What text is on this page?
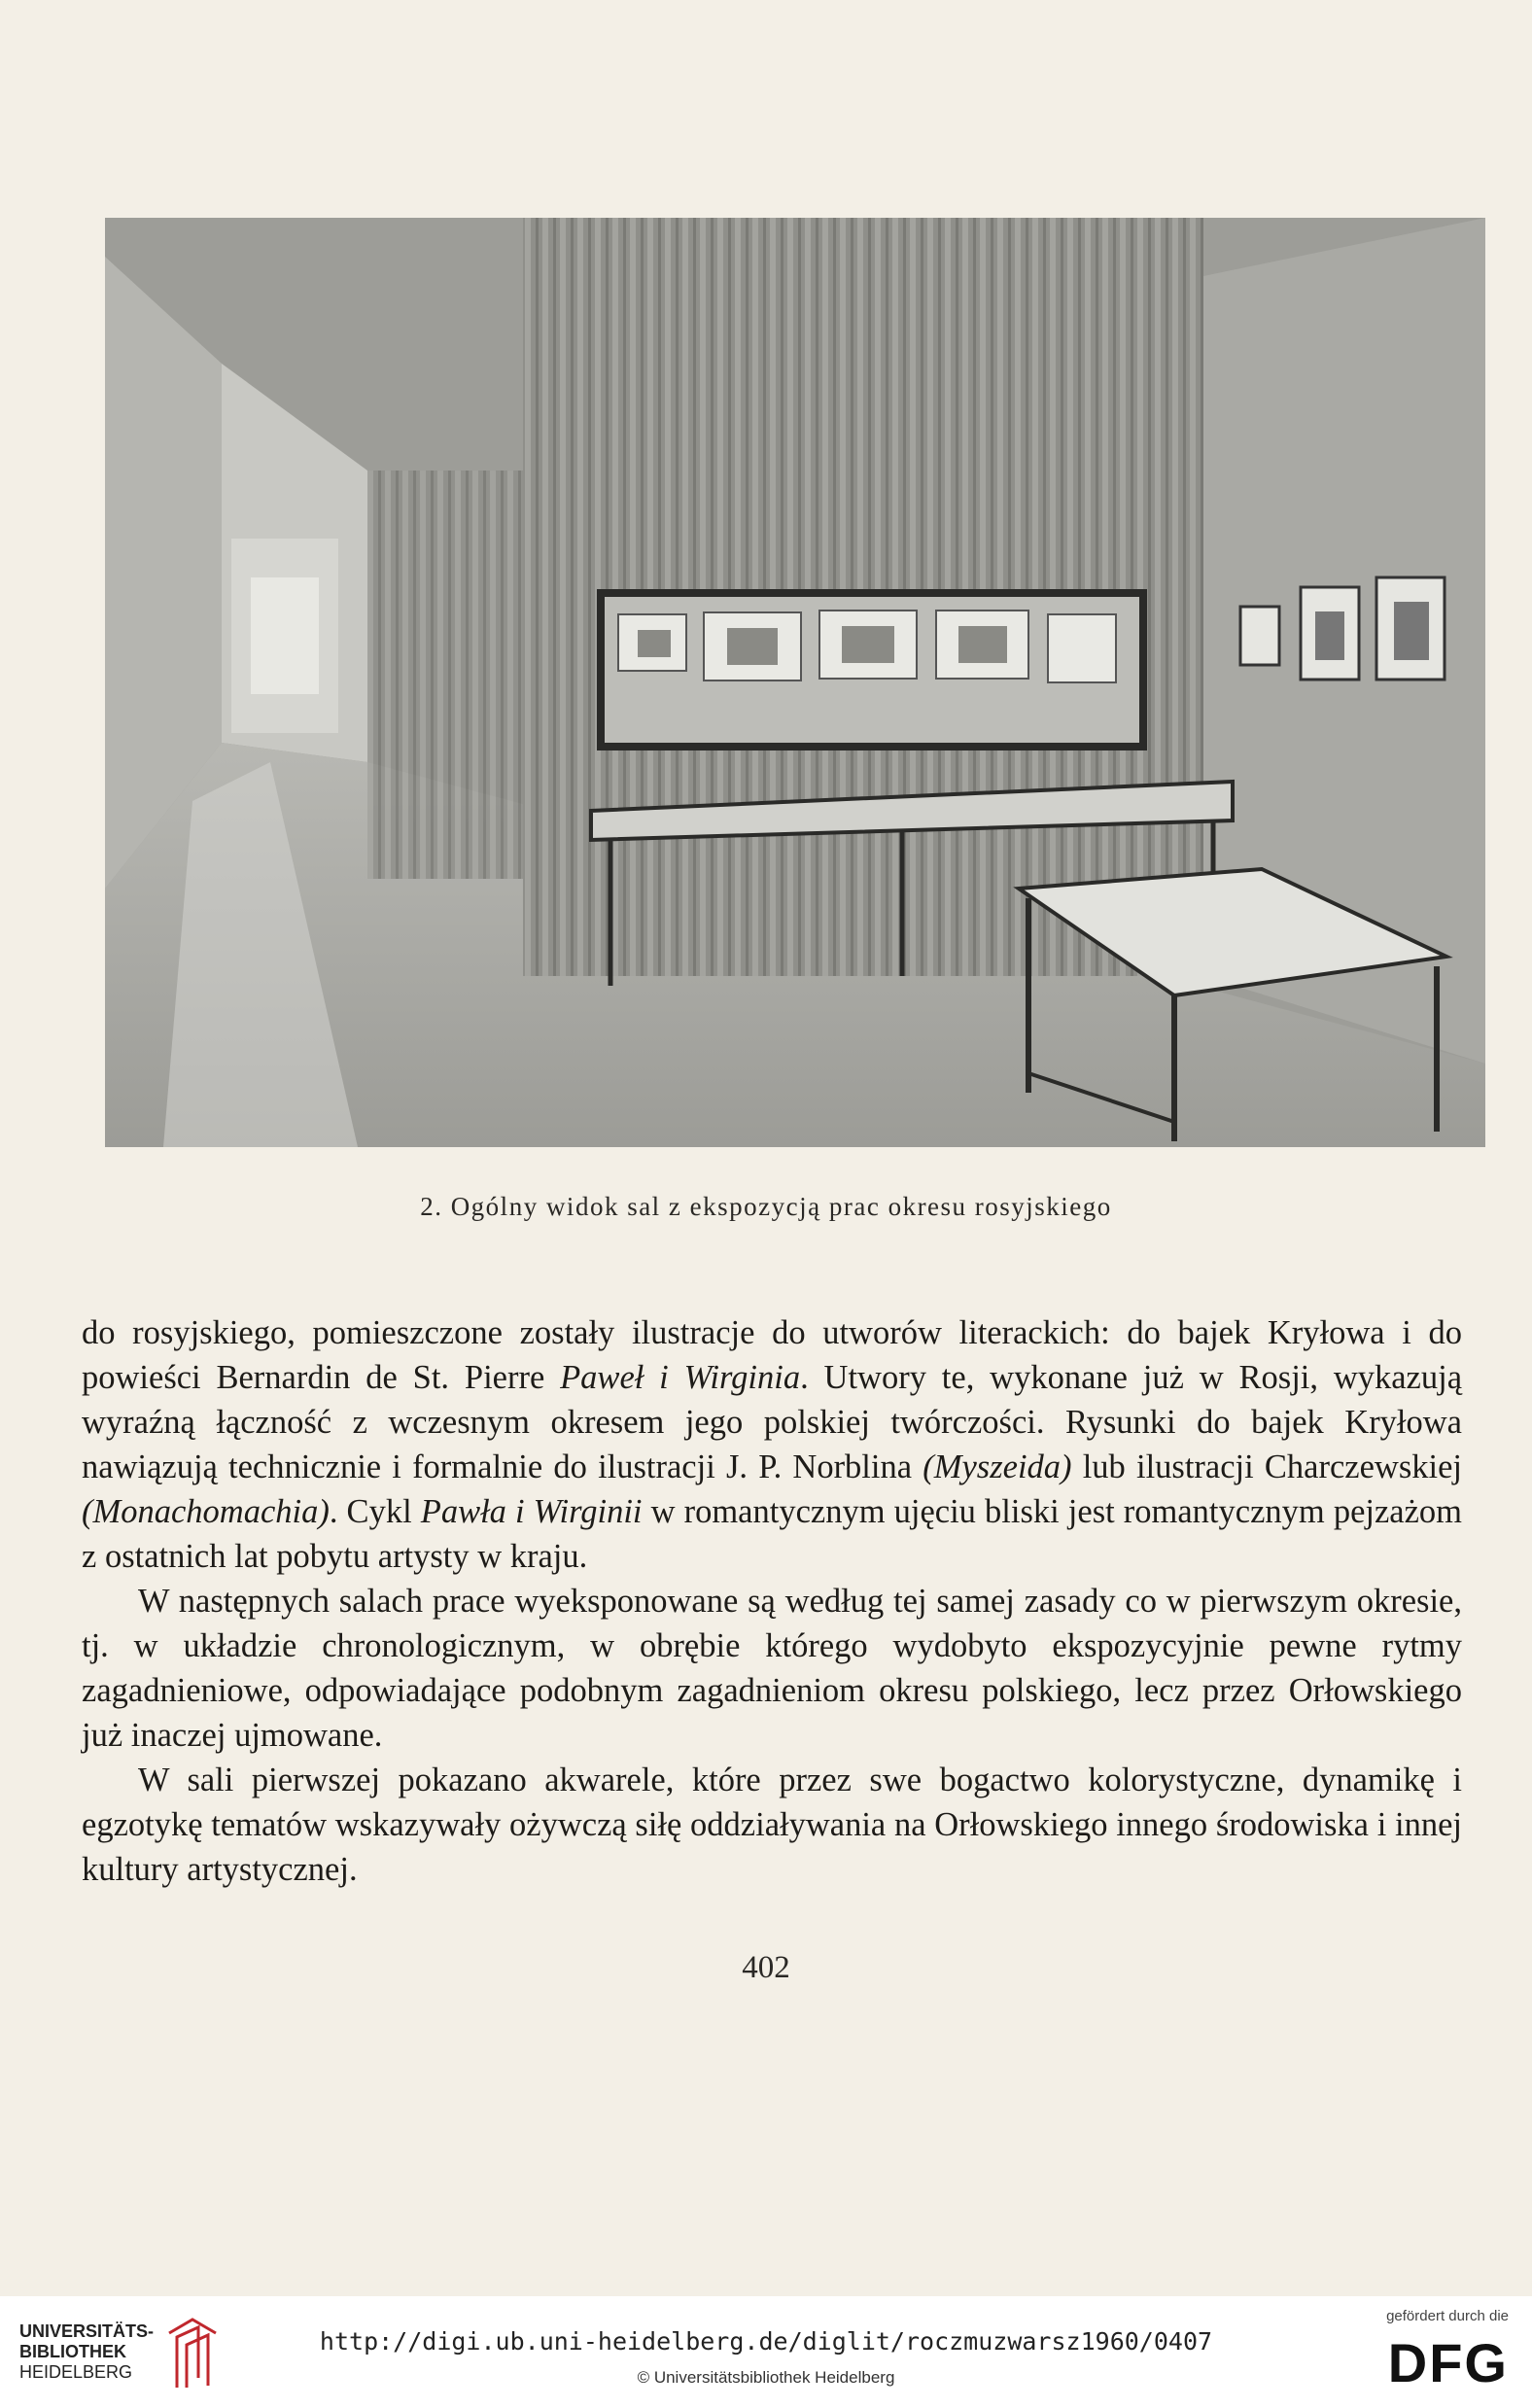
2. Ogólny widok sal z ekspozycją prac okresu rosyjskiego

do rosyjskiego, pomieszczone zostały ilustracje do utworów literackich: do bajek Kryłowa i do powieści Bernardin de St. Pierre Paweł i Wirginia. Utwory te, wykonane już w Rosji, wykazują wyraźną łączność z wczesnym okresem jego polskiej twórczości. Rysunki do bajek Kryłowa nawiązują technicznie i formalnie do ilustracji J. P. Norblina (Myszeida) lub ilustracji Charczewskiej (Monachomachia). Cykl Pawła i Wirginii w romantycznym ujęciu bliski jest romantycznym pejzażom z ostatnich lat pobytu artysty w kraju.

W następnych salach prace wyeksponowane są według tej samej zasady co w pierwszym okresie, tj. w układzie chronologicznym, w obrębie którego wydobyto ekspozycyjnie pewne rytmy zagadnieniowe, odpowiadające podobnym zagadnieniom okresu polskiego, lecz przez Orłowskiego już inaczej ujmowane.

W sali pierwszej pokazano akwarele, które przez swe bogactwo kolorystyczne, dynamikę i egzotykę tematów wskazywały ożywczą siłę oddziaływania na Orłowskiego innego środowiska i innej kultury artystycznej.

402
UNIVERSITÄTS-
BIBLIOTHEK
HEIDELBERG
http://digi.ub.uni-heidelberg.de/diglit/roczmuzwarsz1960/0407
© Universitätsbibliothek Heidelberg
gefördert durch die
DFG
